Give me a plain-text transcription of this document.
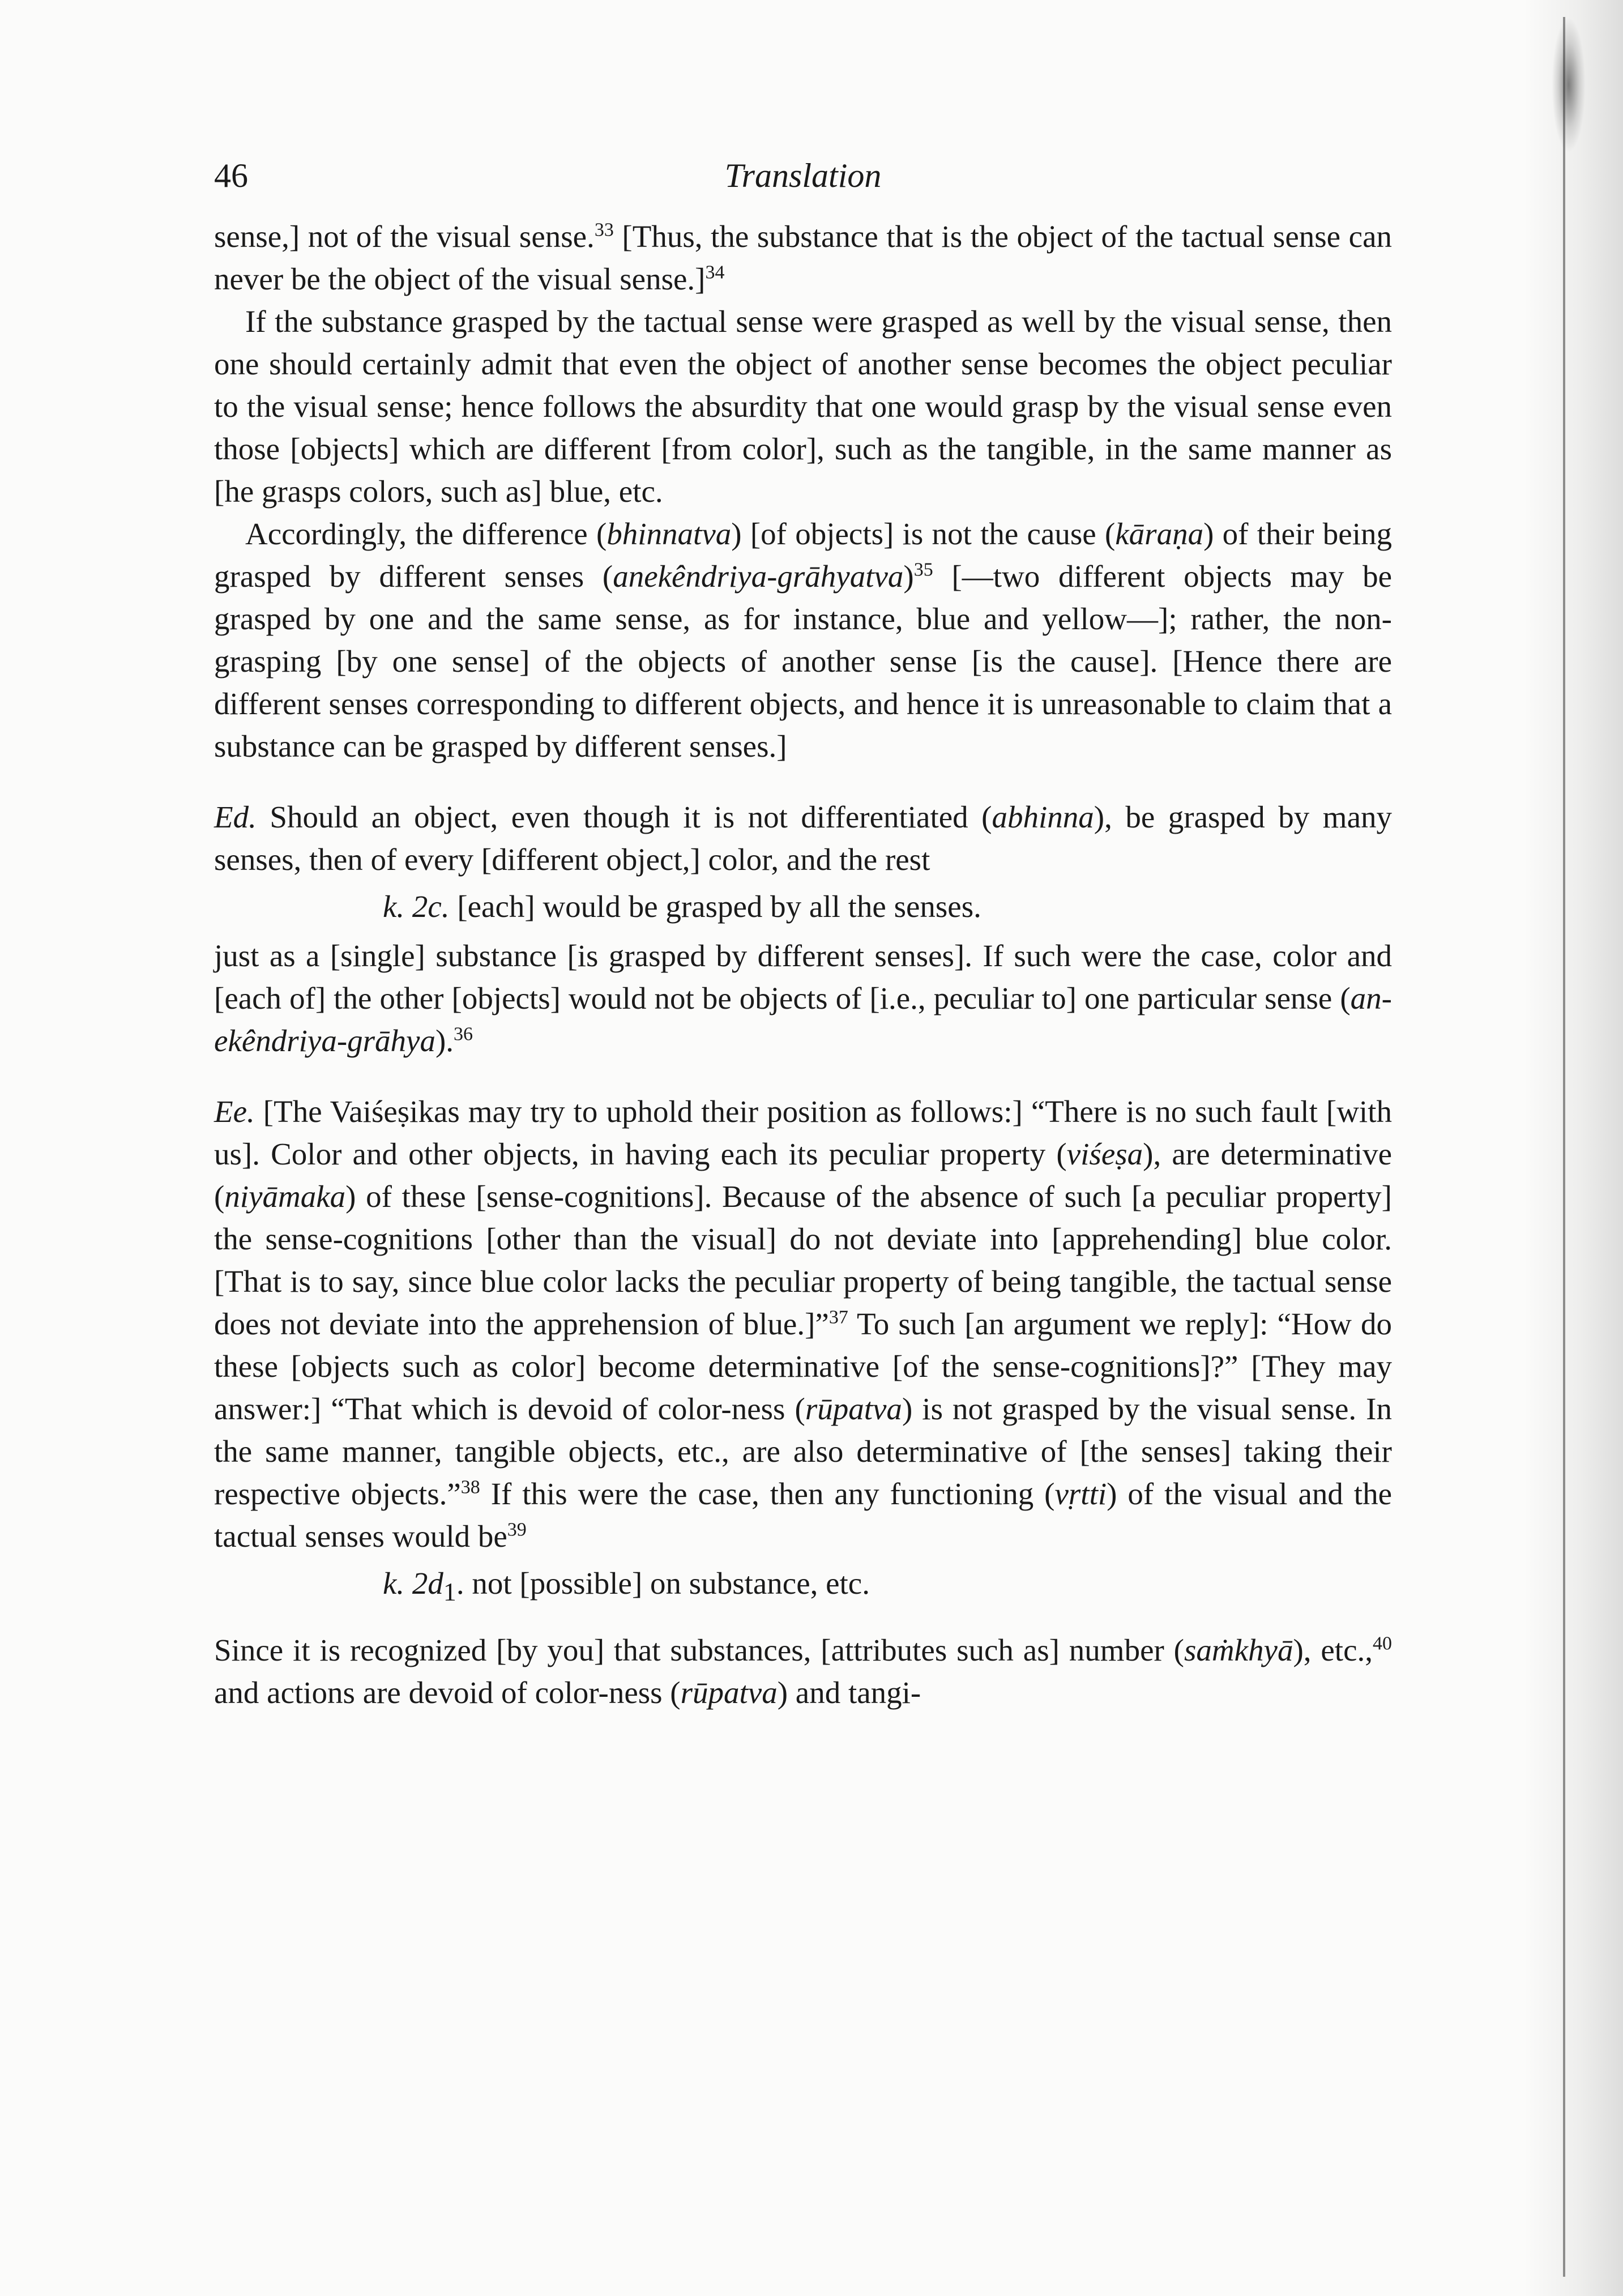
46	Translation

sense,] not of the visual sense.$^{33}$ [Thus, the substance that is the object of the tactual sense can never be the object of the visual sense.]$^{34}$

If the substance grasped by the tactual sense were grasped as well by the visual sense, then one should certainly admit that even the object of another sense becomes the object peculiar to the visual sense; hence follows the absurdity that one would grasp by the visual sense even those [objects] which are different [from color], such as the tangible, in the same manner as [he grasps colors, such as] blue, etc.

Accordingly, the difference (bhinnatva) [of objects] is not the cause (kāraṇa) of their being grasped by different senses (anekêndriya-grāhyatva)$^{35}$ [—two different objects may be grasped by one and the same sense, as for instance, blue and yellow—]; rather, the non-grasping [by one sense] of the objects of another sense [is the cause]. [Hence there are different senses corresponding to different objects, and hence it is unreasonable to claim that a substance can be grasped by different senses.]

Ed. Should an object, even though it is not differentiated (abhinna), be grasped by many senses, then of every [different object,] color, and the rest

k. 2c. [each] would be grasped by all the senses.

just as a [single] substance [is grasped by different senses]. If such were the case, color and [each of] the other [objects] would not be objects of [i.e., peculiar to] one particular sense (an-ekêndriya-grāhya).$^{36}$

Ee. [The Vaiśeṣikas may try to uphold their position as follows:] “There is no such fault [with us]. Color and other objects, in having each its peculiar property (viśeṣa), are determinative (niyāmaka) of these [sense-cognitions]. Because of the absence of such [a peculiar property] the sense-cognitions [other than the visual] do not deviate into [apprehending] blue color. [That is to say, since blue color lacks the peculiar property of being tangible, the tactual sense does not deviate into the apprehension of blue.]”$^{37}$ To such [an argument we reply]: “How do these [objects such as color] become determinative [of the sense-cognitions]?” [They may answer:] “That which is devoid of color-ness (rūpatva) is not grasped by the visual sense. In the same manner, tangible objects, etc., are also determinative of [the senses] taking their respective objects.”$^{38}$ If this were the case, then any functioning (vṛtti) of the visual and the tactual senses would $be^{39}$

k. $2d_1$. not [possible] on substance, etc.

Since it is recognized [by you] that substances, [attributes such as] number (saṁkhyā), etc.,$^{40}$ and actions are devoid of color-ness (rūpatva) and tangi-
